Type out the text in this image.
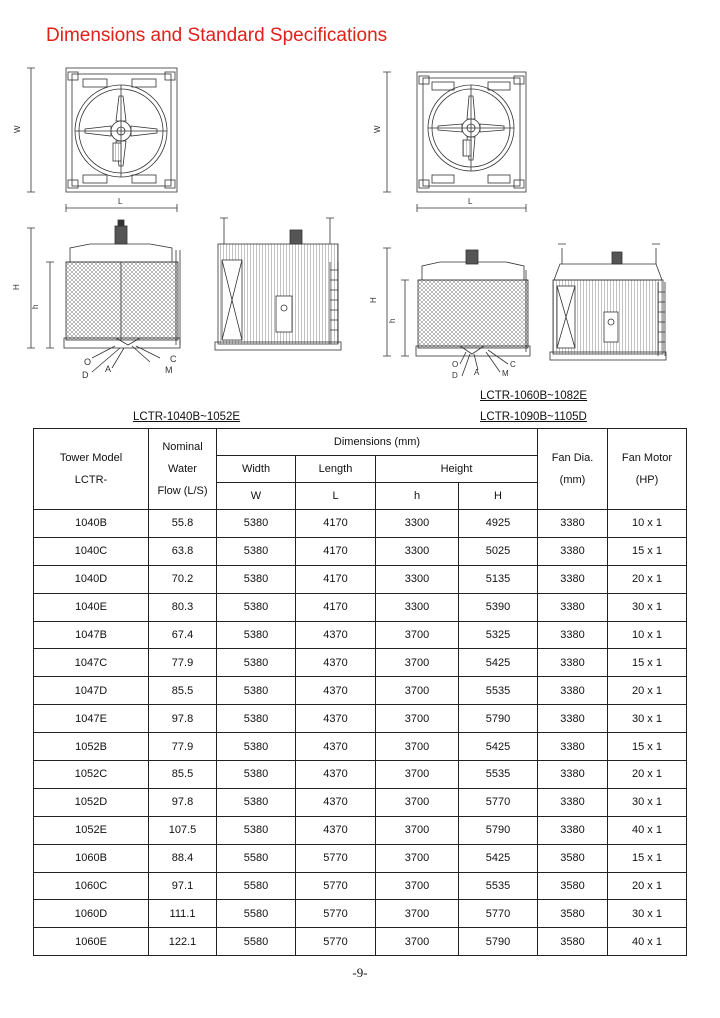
Dimensions and Standard Specifications
W
L
H
h
O
D
A	M
C
W
L
H
h
O
D A	M
C
LCTR-1060B~1082E
LCTR-1040B~1052E	LCTR-1090B~1105D
Tower Model
LCTR-	Nominal
Water
Flow (L/S)	Dimensions (mm)				Fan Dia.
(mm)	Fan Motor
(HP)

		Width	Length	Height			
		W	L	h	H		
1040B	55.8	5380	4170	3300	4925	3380	10 x 1
1040C	63.8	5380	4170	3300	5025	3380	15 x 1
1040D	70.2	5380	4170	3300	5135	3380	20 x 1
1040E	80.3	5380	4170	3300	5390	3380	30 x 1
1047B	67.4	5380	4370	3700	5325	3380	10 x 1
1047C	77.9	5380	4370	3700	5425	3380	15 x 1
1047D	85.5	5380	4370	3700	5535	3380	20 x 1
1047E	97.8	5380	4370	3700	5790	3380	30 x 1
1052B	77.9	5380	4370	3700	5425	3380	15 x 1
1052C	85.5	5380	4370	3700	5535	3380	20 x 1
1052D	97.8	5380	4370	3700	5770	3380	30 x 1
1052E	107.5	5380	4370	3700	5790	3380	40 x 1
1060B	88.4	5580	5770	3700	5425	3580	15 x 1
1060C	97.1	5580	5770	3700	5535	3580	20 x 1
1060D	111.1	5580	5770	3700	5770	3580	30 x 1
1060E	122.1	5580	5770	3700	5790	3580	40 x 1
-9-
